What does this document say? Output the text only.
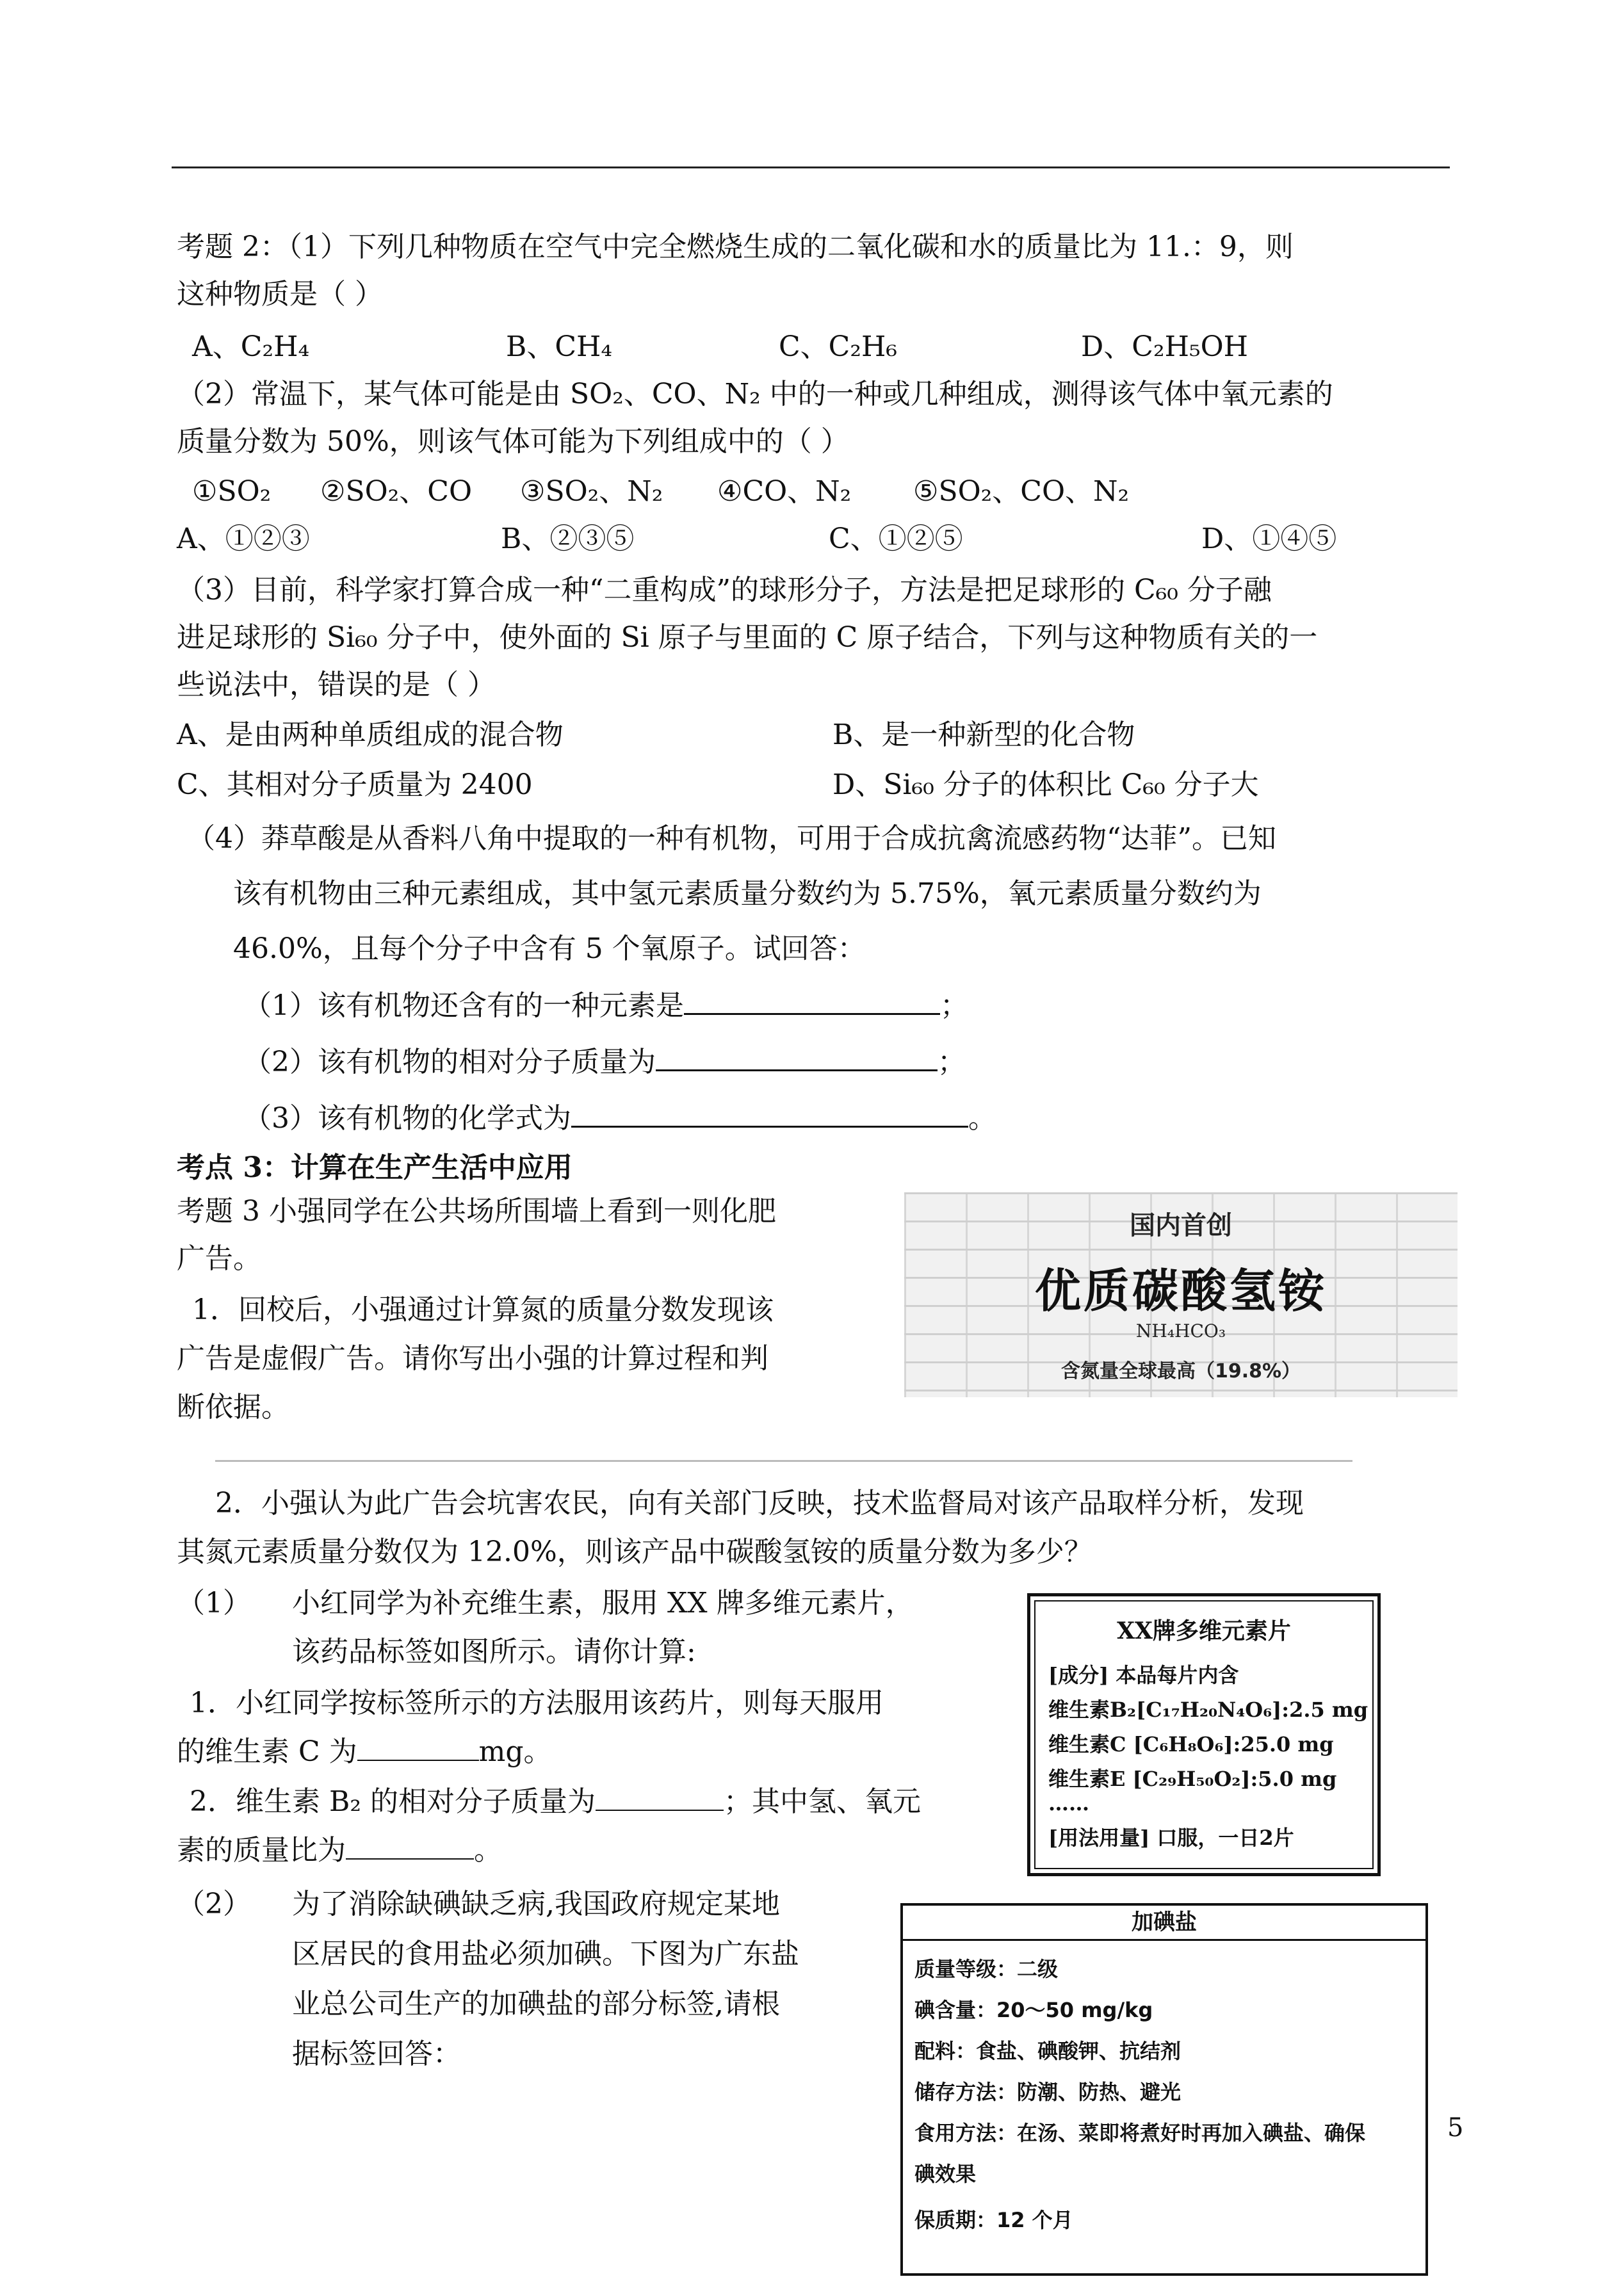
考题 2：（1）下列几种物质在空气中完全燃烧生成的二氧化碳和水的质量比为 11.：9，则
这种物质是（ ）
A、C₂H₄	B、CH₄	C、C₂H₆	D、C₂H₅OH
（2）常温下，某气体可能是由 SO₂、CO、N₂ 中的一种或几种组成，测得该气体中氧元素的
质量分数为 50%，则该气体可能为下列组成中的（ ）
①SO₂ ②SO₂、CO ③SO₂、N₂ ④CO、N₂ ⑤SO₂、CO、N₂
A、①②③	B、②③⑤	C、①②⑤	D、①④⑤
（3）目前，科学家打算合成一种“二重构成”的球形分子，方法是把足球形的 C₆₀ 分子融
进足球形的 Si₆₀ 分子中，使外面的 Si 原子与里面的 C 原子结合，下列与这种物质有关的一
些说法中，错误的是（ ）
A、是由两种单质组成的混合物	B、是一种新型的化合物
C、其相对分子质量为 2400	D、Si₆₀ 分子的体积比 C₆₀ 分子大
（4）莽草酸是从香料八角中提取的一种有机物，可用于合成抗禽流感药物“达菲”。已知
该有机物由三种元素组成，其中氢元素质量分数约为 5.75%，氧元素质量分数约为
46.0%，且每个分子中含有 5 个氧原子。试回答：
（1）该有机物还含有的一种元素是	；
（2）该有机物的相对分子质量为	；
（3）该有机物的化学式为	。
考点 3：计算在生产生活中应用
考题 3 小强同学在公共场所围墙上看到一则化肥
广告。
1．回校后，小强通过计算氮的质量分数发现该
广告是虚假广告。请你写出小强的计算过程和判
断依据。
国内首创
优质碳酸氢铵
NH₄HCO₃
含氮量全球最高（19.8%）
2．小强认为此广告会坑害农民，向有关部门反映，技术监督局对该产品取样分析，发现
其氮元素质量分数仅为 12.0%，则该产品中碳酸氢铵的质量分数为多少？
（1） 小红同学为补充维生素，服用 XX 牌多维元素片，
该药品标签如图所示。请你计算:
1．小红同学按标签所示的方法服用该药片，则每天服用
的维生素 C 为	mg。
2．维生素 B₂ 的相对分子质量为	；其中氢、氧元
素的质量比为	。
XX牌多维元素片
[成分] 本品每片内含
维生素B₂[C₁₇H₂₀N₄O₆]:2.5 mg
维生素C [C₆H₈O₆]:25.0 mg
维生素E [C₂₉H₅₀O₂]:5.0 mg
……
[用法用量] 口服，一日2片
（2） 为了消除缺碘缺乏病,我国政府规定某地
区居民的食用盐必须加碘。下图为广东盐
业总公司生产的加碘盐的部分标签,请根
据标签回答：
加碘盐
质量等级：二级
碘含量：20～50 mg/kg
配料：食盐、碘酸钾、抗结剂
储存方法：防潮、防热、避光
食用方法：在汤、菜即将煮好时再加入碘盐、确保
碘效果
保质期：12 个月
5
